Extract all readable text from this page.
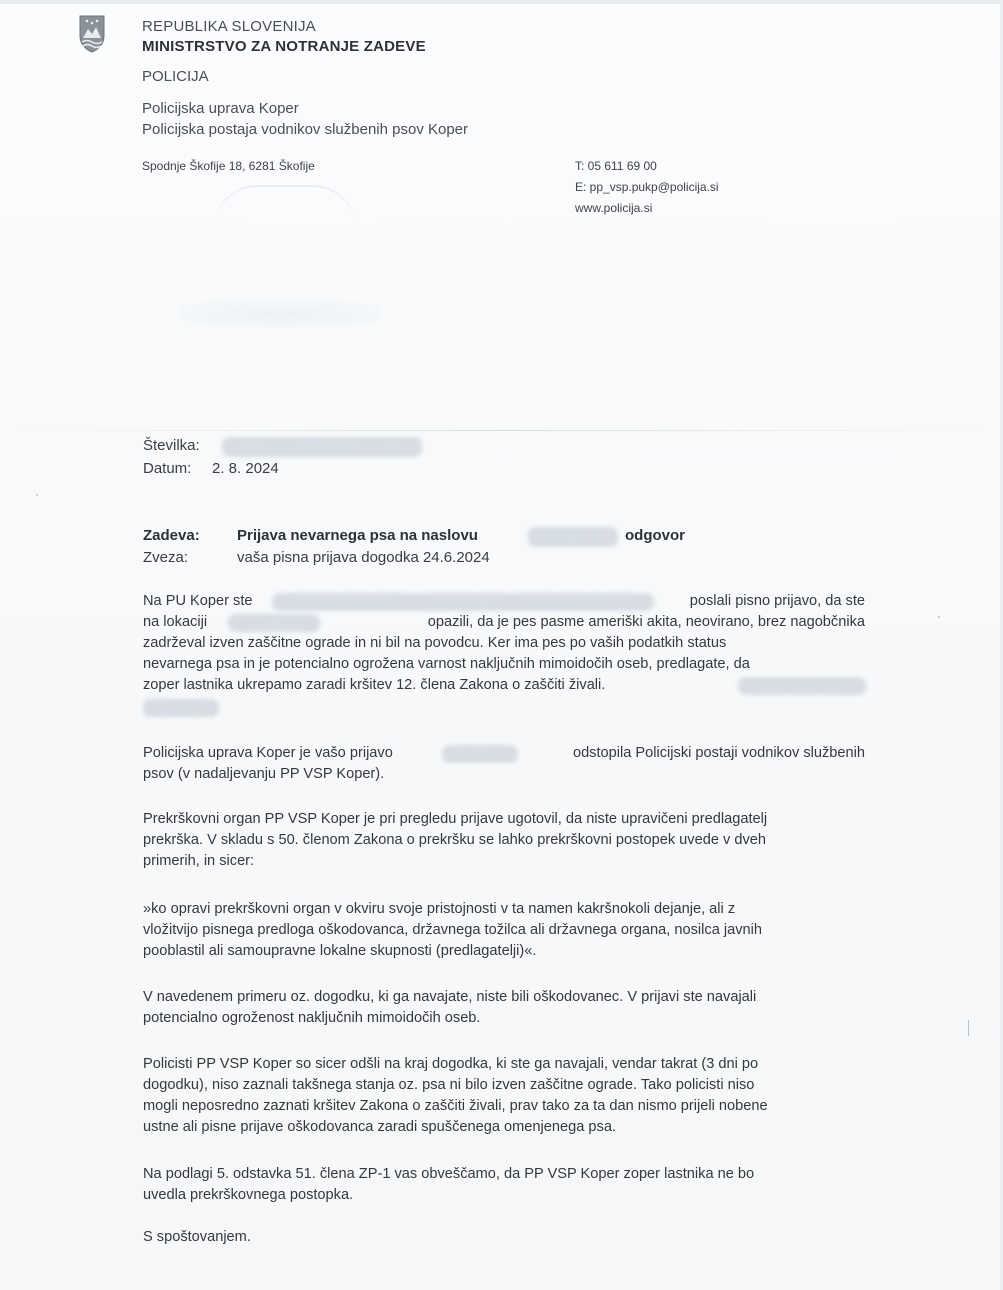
REPUBLIKA SLOVENIJA
MINISTRSTVO ZA NOTRANJE ZADEVE
POLICIJA
Policijska uprava Koper
Policijska postaja vodnikov službenih psov Koper
Spodnje Škofije 18, 6281 Škofije	T: 05 611 69 00
E: pp_vsp.pukp@policija.si
www.policija.si
Številka:
Datum: 2. 8. 2024
Zadeva: Prijava nevarnega psa na naslovu	odgovor
Zveza:	vaša pisna prijava dogodka 24.6.2024
Na PU Koper ste	poslali pisno prijavo, da ste
na lokaciji	opazili, da je pes pasme ameriški akita, neovirano, brez nagobčnika
zadrževal izven zaščitne ograde in ni bil na povodcu. Ker ima pes po vaših podatkih status
nevarnega psa in je potencialno ogrožena varnost naključnih mimoidočih oseb, predlagate, da
zoper lastnika ukrepamo zaradi kršitev 12. člena Zakona o zaščiti živali.
Policijska uprava Koper je vašo prijavo	odstopila Policijski postaji vodnikov službenih
psov (v nadaljevanju PP VSP Koper).
Prekrškovni organ PP VSP Koper je pri pregledu prijave ugotovil, da niste upravičeni predlagatelj
prekrška. V skladu s 50. členom Zakona o prekršku se lahko prekrškovni postopek uvede v dveh
primerih, in sicer:
»ko opravi prekrškovni organ v okviru svoje pristojnosti v ta namen kakršnokoli dejanje, ali z
vložitvijo pisnega predloga oškodovanca, državnega tožilca ali državnega organa, nosilca javnih
pooblastil ali samoupravne lokalne skupnosti (predlagatelji)«.
V navedenem primeru oz. dogodku, ki ga navajate, niste bili oškodovanec. V prijavi ste navajali
potencialno ogroženost naključnih mimoidočih oseb.
Policisti PP VSP Koper so sicer odšli na kraj dogodka, ki ste ga navajali, vendar takrat (3 dni po
dogodku), niso zaznali takšnega stanja oz. psa ni bilo izven zaščitne ograde. Tako policisti niso
mogli neposredno zaznati kršitev Zakona o zaščiti živali, prav tako za ta dan nismo prijeli nobene
ustne ali pisne prijave oškodovanca zaradi spuščenega omenjenega psa.
Na podlagi 5. odstavka 51. člena ZP-1 vas obveščamo, da PP VSP Koper zoper lastnika ne bo
uvedla prekrškovnega postopka.
S spoštovanjem.
